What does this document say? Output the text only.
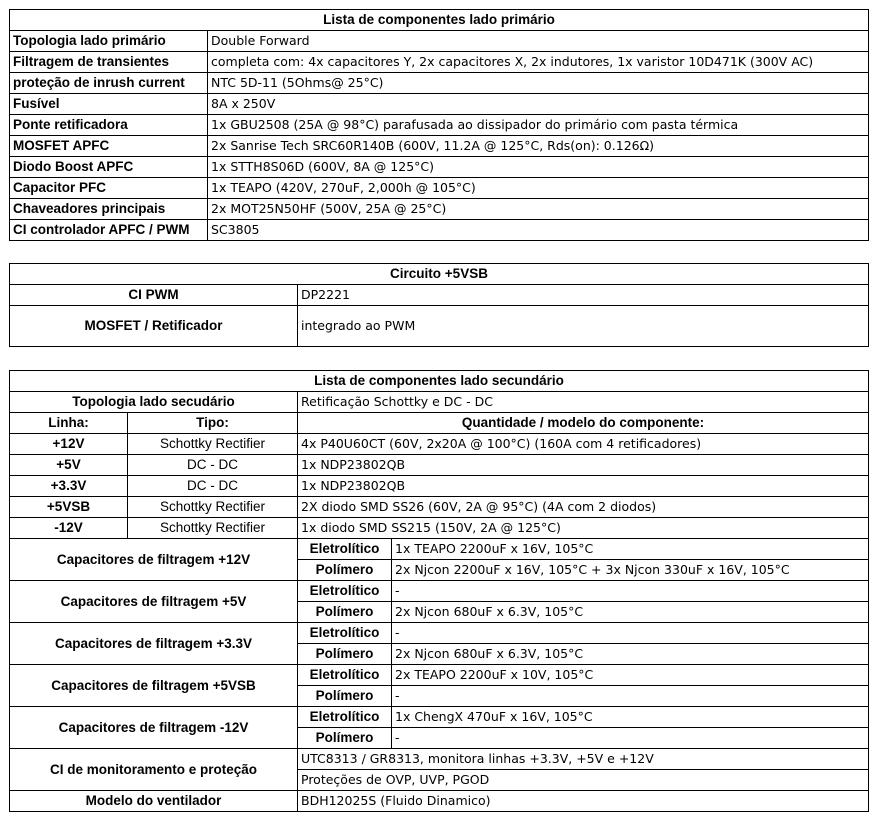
Lista de componentes lado primário	
Topologia lado primário	Double Forward
Filtragem de transientes	completa com: 4x capacitores Y, 2x capacitores X, 2x indutores, 1x varistor 10D471K (300V AC)
proteção de inrush current	NTC 5D-11 (5Ohms@ 25°C)
Fusível	8A x 250V
Ponte retificadora	1x GBU2508 (25A @ 98°C) parafusada ao dissipador do primário com pasta térmica
MOSFET APFC	2x Sanrise Tech SRC60R140B (600V, 11.2A @ 125°C, Rds(on): 0.126Ω)
Diodo Boost APFC	1x STTH8S06D (600V, 8A @ 125°C)
Capacitor PFC	1x TEAPO (420V, 270uF, 2,000h @ 105°C)
Chaveadores principais	2x MOT25N50HF (500V, 25A @ 25°C)
CI controlador APFC / PWM	SC3805
Circuito +5VSB	
CI PWM	DP2221
MOSFET / Retificador	integrado ao PWM
Lista de componentes lado secundário			
Topologia lado secudário		Retificação Schottky e DC - DC	
Linha:	Tipo:	Quantidade / modelo do componente:	
+12V	Schottky Rectifier	4x P40U60CT (60V, 2x20A @ 100°C) (160A com 4 retificadores)	
+5V	DC - DC	1x NDP23802QB	
+3.3V	DC - DC	1x NDP23802QB	
+5VSB	Schottky Rectifier	2X diodo SMD SS26 (60V, 2A @ 95°C) (4A com 2 diodos)	
-12V	Schottky Rectifier	1x diodo SMD SS215 (150V, 2A @ 125°C)	
Capacitores de filtragem +12V		Eletrolítico	1x TEAPO 2200uF x 16V, 105°C
		Polímero	2x Njcon 2200uF x 16V, 105°C + 3x Njcon 330uF x 16V, 105°C
Capacitores de filtragem +5V		Eletrolítico	-
		Polímero	2x Njcon 680uF x 6.3V, 105°C
Capacitores de filtragem +3.3V		Eletrolítico	-
		Polímero	2x Njcon 680uF x 6.3V, 105°C
Capacitores de filtragem +5VSB		Eletrolítico	2x TEAPO 2200uF x 10V, 105°C
		Polímero	-
Capacitores de filtragem -12V		Eletrolítico	1x ChengX 470uF x 16V, 105°C
		Polímero	-
CI de monitoramento e proteção		UTC8313 / GR8313, monitora linhas +3.3V, +5V e +12V	
		Proteções de OVP, UVP, PGOD	
Modelo do ventilador		BDH12025S (Fluido Dinamico)	
